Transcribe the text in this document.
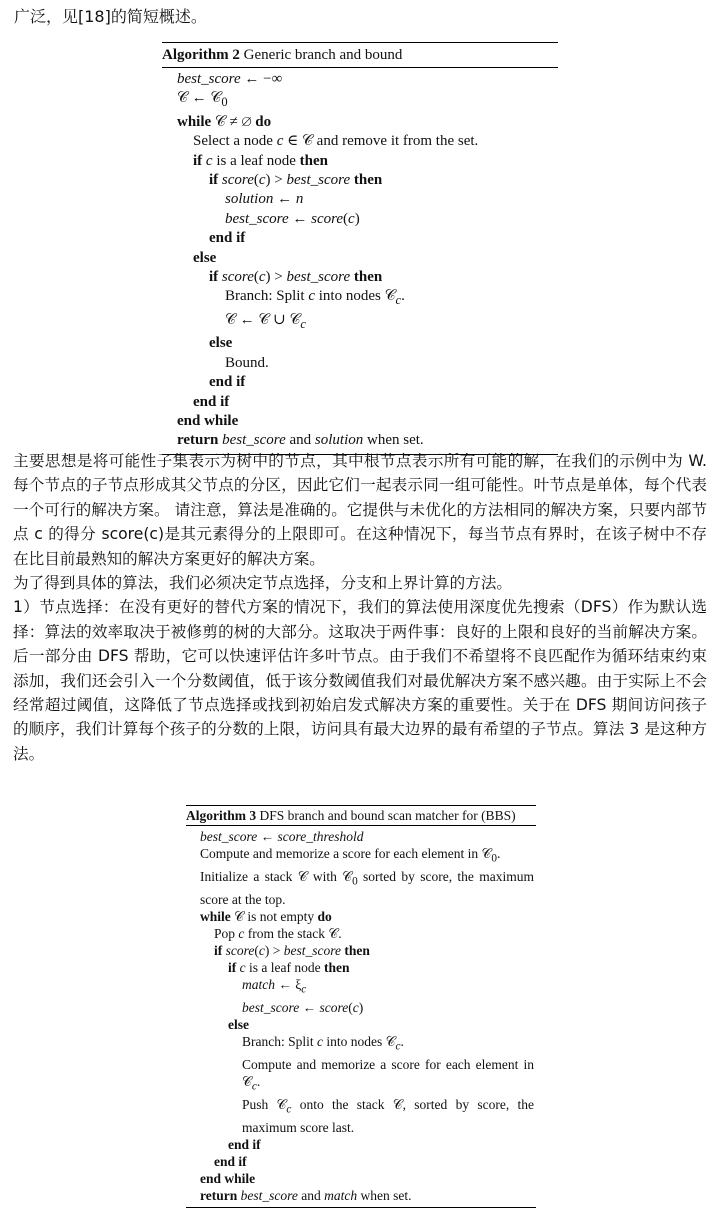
广泛，见[18]的简短概述。
Algorithm 2 Generic branch and bound
best_score ← −∞
𝒞 ← 𝒞$_0$
while 𝒞 ≠ ∅ do
Select a node c ∈ 𝒞 and remove it from the set.
if c is a leaf node then
if score(c) > best_score then
solution ← n
best_score ← score(c)
end if
else
if score(c) > best_score then
Branch: Split c into nodes 𝒞$_c$.
𝒞 ← 𝒞 ∪ 𝒞$_c$
else
Bound.
end if
end if
end while
return best_score and solution when set.

主要思想是将可能性子集表示为树中的节点，其中根节点表示所有可能的解，在我们的示例中为 W. 每个节点的子节点形成其父节点的分区，因此它们一起表示同一组可能性。叶节点是单体，每个代表一个可行的解决方案。 请注意，算法是准确的。它提供与未优化的方法相同的解决方案，只要内部节点 c 的得分 score(c)是其元素得分的上限即可。在这种情况下，每当节点有界时，在该子树中不存在比目前最熟知的解决方案更好的解决方案。

为了得到具体的算法，我们必须决定节点选择，分支和上界计算的方法。

1）节点选择：在没有更好的替代方案的情况下，我们的算法使用深度优先搜索（DFS）作为默认选择：算法的效率取决于被修剪的树的大部分。这取决于两件事：良好的上限和良好的当前解决方案。后一部分由 DFS 帮助，它可以快速评估许多叶节点。由于我们不希望将不良匹配作为循环结束约束添加，我们还会引入一个分数阈值，低于该分数阈值我们对最优解决方案不感兴趣。由于实际上不会经常超过阈值，这降低了节点选择或找到初始启发式解决方案的重要性。关于在 DFS 期间访问孩子的顺序，我们计算每个孩子的分数的上限，访问具有最大边界的最有希望的子节点。算法 3 是这种方法。

Algorithm 3 DFS branch and bound scan matcher for (BBS)
best_score ← score_threshold
Compute and memorize a score for each element in 𝒞$_0$.
Initialize a stack 𝒞 with 𝒞$_0$ sorted by score, the maximum score at the top.
while 𝒞 is not empty do
Pop c from the stack 𝒞.
if score(c) > best_score then
if c is a leaf node then
match ← $\xi_c$
best_score ← score(c)
else
Branch: Split c into nodes 𝒞$_c$.
Compute and memorize a score for each element in 𝒞$_c$.
Push 𝒞$_c$ onto the stack 𝒞, sorted by score, the maximum score last.
end if
end if
end while
return best_score and match when set.
